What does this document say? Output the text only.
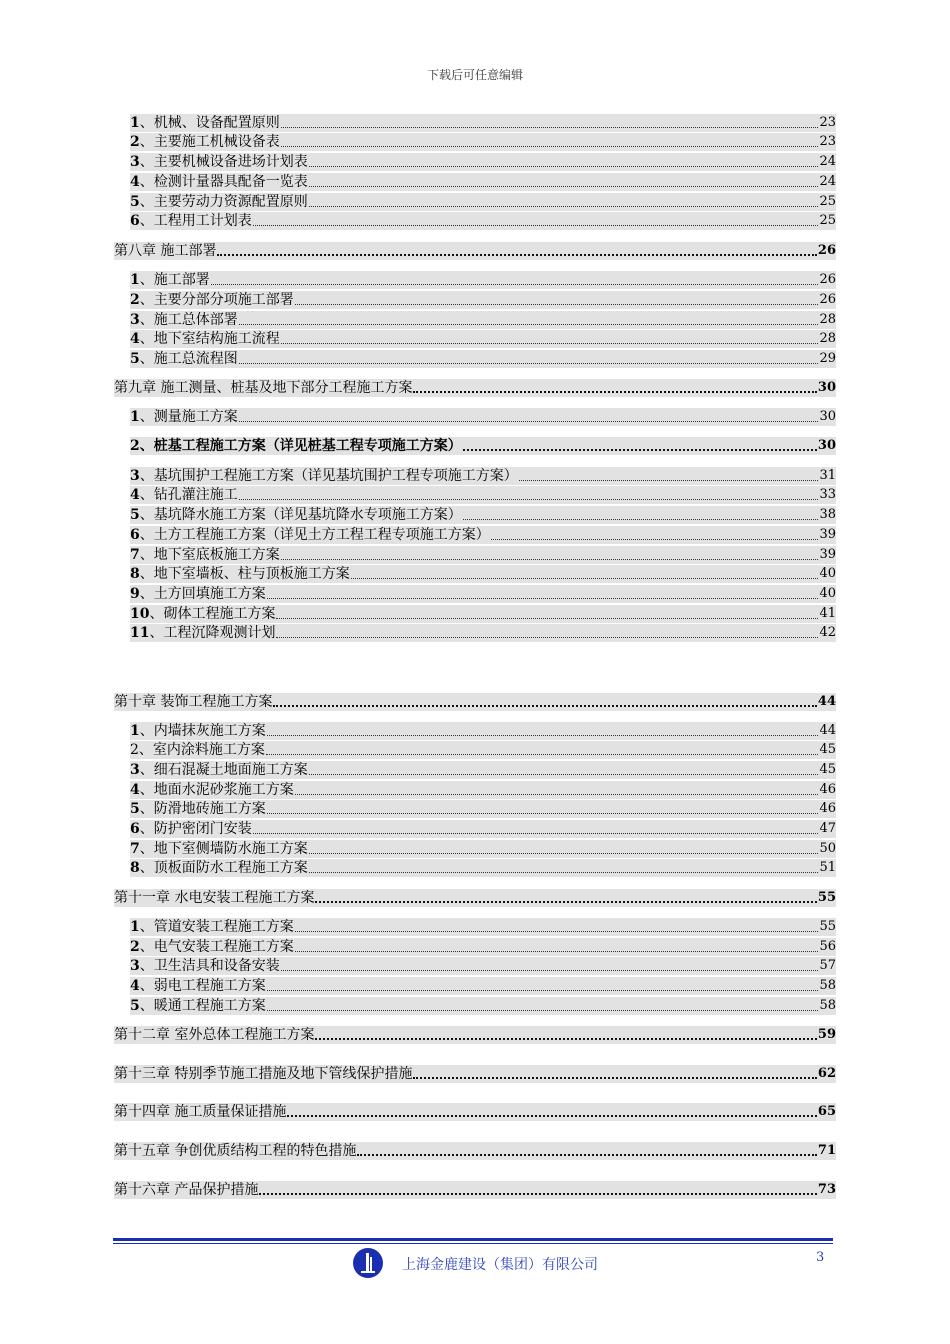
下载后可任意编辑
1、机械、设备配置原则	23
2、主要施工机械设备表	23
3、主要机械设备进场计划表	24
4、检测计量器具配备一览表	24
5、主要劳动力资源配置原则	25
6、工程用工计划表	25
第八章 施工部署	26
1、施工部署	26
2、主要分部分项施工部署	26
3、施工总体部署	28
4、地下室结构施工流程	28
5、施工总流程图	29
第九章 施工测量、桩基及地下部分工程施工方案	30
1、测量施工方案	30
2、桩基工程施工方案（详见桩基工程专项施工方案）	30
3、基坑围护工程施工方案（详见基坑围护工程专项施工方案）	31
4、钻孔灌注施工	33
5、基坑降水施工方案（详见基坑降水专项施工方案）	38
6、土方工程施工方案（详见土方工程工程专项施工方案）	39
7、地下室底板施工方案	39
8、地下室墙板、柱与顶板施工方案	40
9、土方回填施工方案	40
10、砌体工程施工方案	41
11、工程沉降观测计划	42
第十章 装饰工程施工方案	44
1、内墙抹灰施工方案	44
2、室内涂料施工方案	45
3、细石混凝土地面施工方案	45
4、地面水泥砂浆施工方案	46
5、防滑地砖施工方案	46
6、防护密闭门安装	47
7、地下室侧墙防水施工方案	50
8、顶板面防水工程施工方案	51
第十一章 水电安装工程施工方案	55
1、管道安装工程施工方案	55
2、电气安装工程施工方案	56
3、卫生洁具和设备安装	57
4、弱电工程施工方案	58
5、暖通工程施工方案	58
第十二章 室外总体工程施工方案	59
第十三章 特别季节施工措施及地下管线保护措施	62
第十四章 施工质量保证措施	65
第十五章 争创优质结构工程的特色措施	71
第十六章 产品保护措施	73
上海金鹿建设（集团）有限公司	3
